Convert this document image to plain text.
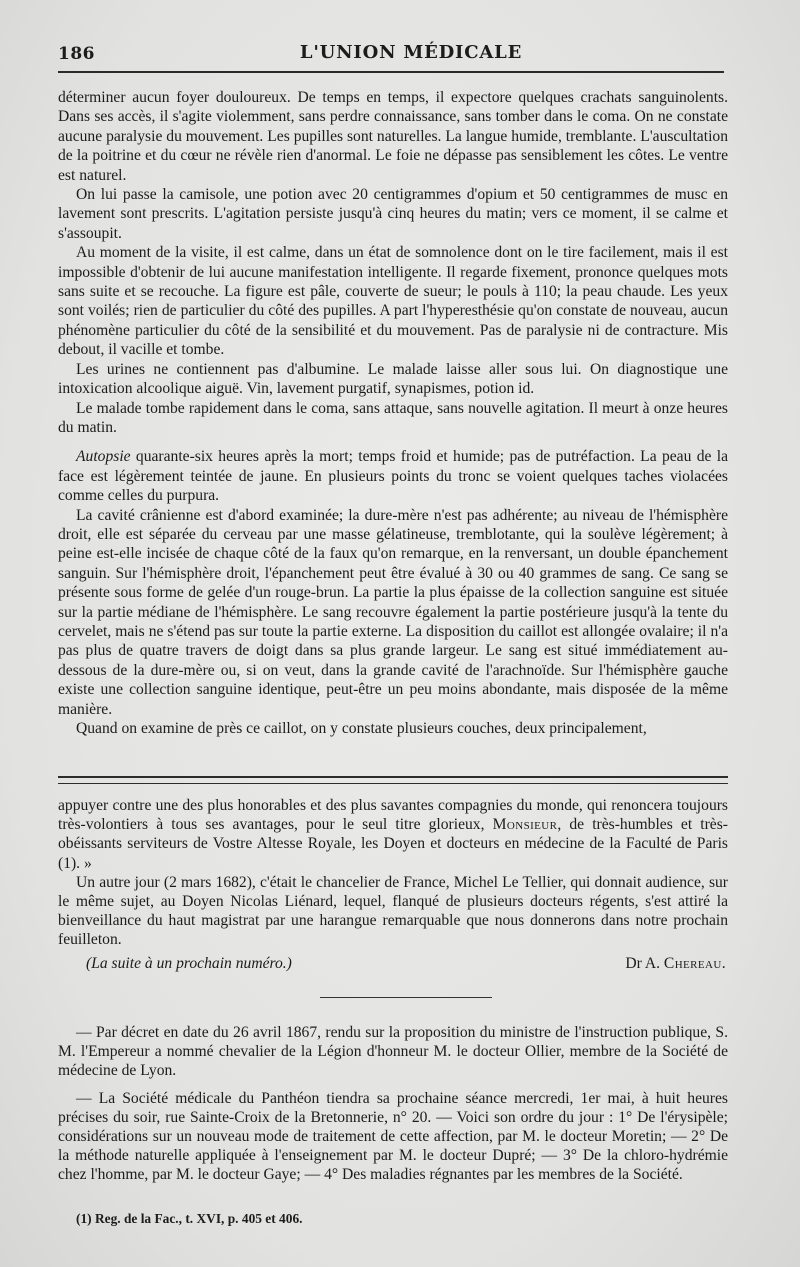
186	L'UNION MÉDICALE

déterminer aucun foyer douloureux. De temps en temps, il expectore quelques crachats sanguinolents. Dans ses accès, il s'agite violemment, sans perdre connaissance, sans tomber dans le coma. On ne constate aucune paralysie du mouvement. Les pupilles sont naturelles. La langue humide, tremblante. L'auscultation de la poitrine et du cœur ne révèle rien d'anormal. Le foie ne dépasse pas sensiblement les côtes. Le ventre est naturel.

On lui passe la camisole, une potion avec 20 centigrammes d'opium et 50 centigrammes de musc en lavement sont prescrits. L'agitation persiste jusqu'à cinq heures du matin; vers ce moment, il se calme et s'assoupit.

Au moment de la visite, il est calme, dans un état de somnolence dont on le tire facilement, mais il est impossible d'obtenir de lui aucune manifestation intelligente. Il regarde fixement, prononce quelques mots sans suite et se recouche. La figure est pâle, couverte de sueur; le pouls à 110; la peau chaude. Les yeux sont voilés; rien de particulier du côté des pupilles. A part l'hyperesthésie qu'on constate de nouveau, aucun phénomène particulier du côté de la sensibilité et du mouvement. Pas de paralysie ni de contracture. Mis debout, il vacille et tombe.

Les urines ne contiennent pas d'albumine. Le malade laisse aller sous lui. On diagnostique une intoxication alcoolique aiguë. Vin, lavement purgatif, synapismes, potion id.

Le malade tombe rapidement dans le coma, sans attaque, sans nouvelle agitation. Il meurt à onze heures du matin.

Autopsie quarante-six heures après la mort; temps froid et humide; pas de putréfaction. La peau de la face est légèrement teintée de jaune. En plusieurs points du tronc se voient quelques taches violacées comme celles du purpura.

La cavité crânienne est d'abord examinée; la dure-mère n'est pas adhérente; au niveau de l'hémisphère droit, elle est séparée du cerveau par une masse gélatineuse, tremblotante, qui la soulève légèrement; à peine est-elle incisée de chaque côté de la faux qu'on remarque, en la renversant, un double épanchement sanguin. Sur l'hémisphère droit, l'épanchement peut être évalué à 30 ou 40 grammes de sang. Ce sang se présente sous forme de gelée d'un rouge-brun. La partie la plus épaisse de la collection sanguine est située sur la partie médiane de l'hémisphère. Le sang recouvre également la partie postérieure jusqu'à la tente du cervelet, mais ne s'étend pas sur toute la partie externe. La disposition du caillot est allongée ovalaire; il n'a pas plus de quatre travers de doigt dans sa plus grande largeur. Le sang est situé immédiatement au-dessous de la dure-mère ou, si on veut, dans la grande cavité de l'arachnoïde. Sur l'hémisphère gauche existe une collection sanguine identique, peut-être un peu moins abondante, mais disposée de la même manière.

Quand on examine de près ce caillot, on y constate plusieurs couches, deux principalement,

appuyer contre une des plus honorables et des plus savantes compagnies du monde, qui renoncera toujours très-volontiers à tous ses avantages, pour le seul titre glorieux, Monsieur, de très-humbles et très-obéissants serviteurs de Vostre Altesse Royale, les Doyen et docteurs en médecine de la Faculté de Paris (1). »

Un autre jour (2 mars 1682), c'était le chancelier de France, Michel Le Tellier, qui donnait audience, sur le même sujet, au Doyen Nicolas Liénard, lequel, flanqué de plusieurs docteurs régents, s'est attiré la bienveillance du haut magistrat par une harangue remarquable que nous donnerons dans notre prochain feuilleton.

(La suite à un prochain numéro.)	Dr A. Chereau.

— Par décret en date du 26 avril 1867, rendu sur la proposition du ministre de l'instruction publique, S. M. l'Empereur a nommé chevalier de la Légion d'honneur M. le docteur Ollier, membre de la Société de médecine de Lyon.

— La Société médicale du Panthéon tiendra sa prochaine séance mercredi, 1er mai, à huit heures précises du soir, rue Sainte-Croix de la Bretonnerie, n° 20. — Voici son ordre du jour : 1° De l'érysipèle; considérations sur un nouveau mode de traitement de cette affection, par M. le docteur Moretin; — 2° De la méthode naturelle appliquée à l'enseignement par M. le docteur Dupré; — 3° De la chloro-hydrémie chez l'homme, par M. le docteur Gaye; — 4° Des maladies régnantes par les membres de la Société.

(1) Reg. de la Fac., t. XVI, p. 405 et 406.
